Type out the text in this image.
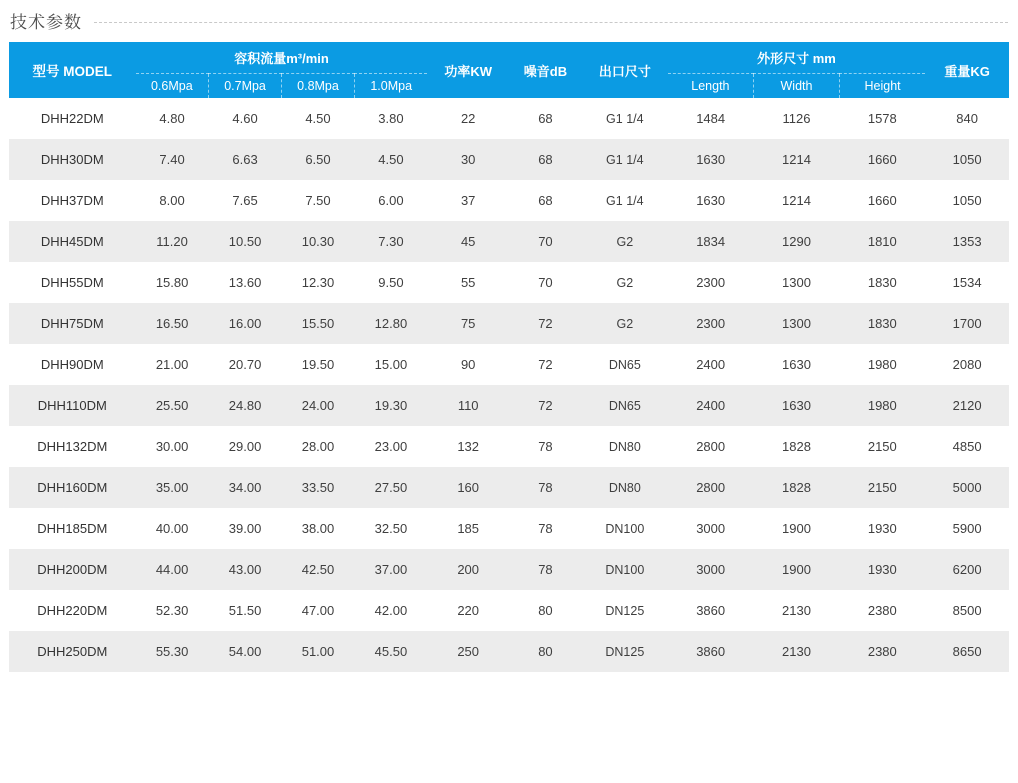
技术参数
型号 MODEL	容积流量m³/min				功率KW	噪音dB	出口尺寸	外形尺寸 mm			重量KG
	0.6Mpa	0.7Mpa	0.8Mpa	1.0Mpa				Length	Width	Height	
DHH22DM	4.80	4.60	4.50	3.80	22	68	G1 1/4	1484	1126	1578	840
DHH30DM	7.40	6.63	6.50	4.50	30	68	G1 1/4	1630	1214	1660	1050
DHH37DM	8.00	7.65	7.50	6.00	37	68	G1 1/4	1630	1214	1660	1050
DHH45DM	11.20	10.50	10.30	7.30	45	70	G2	1834	1290	1810	1353
DHH55DM	15.80	13.60	12.30	9.50	55	70	G2	2300	1300	1830	1534
DHH75DM	16.50	16.00	15.50	12.80	75	72	G2	2300	1300	1830	1700
DHH90DM	21.00	20.70	19.50	15.00	90	72	DN65	2400	1630	1980	2080
DHH110DM	25.50	24.80	24.00	19.30	110	72	DN65	2400	1630	1980	2120
DHH132DM	30.00	29.00	28.00	23.00	132	78	DN80	2800	1828	2150	4850
DHH160DM	35.00	34.00	33.50	27.50	160	78	DN80	2800	1828	2150	5000
DHH185DM	40.00	39.00	38.00	32.50	185	78	DN100	3000	1900	1930	5900
DHH200DM	44.00	43.00	42.50	37.00	200	78	DN100	3000	1900	1930	6200
DHH220DM	52.30	51.50	47.00	42.00	220	80	DN125	3860	2130	2380	8500
DHH250DM	55.30	54.00	51.00	45.50	250	80	DN125	3860	2130	2380	8650
